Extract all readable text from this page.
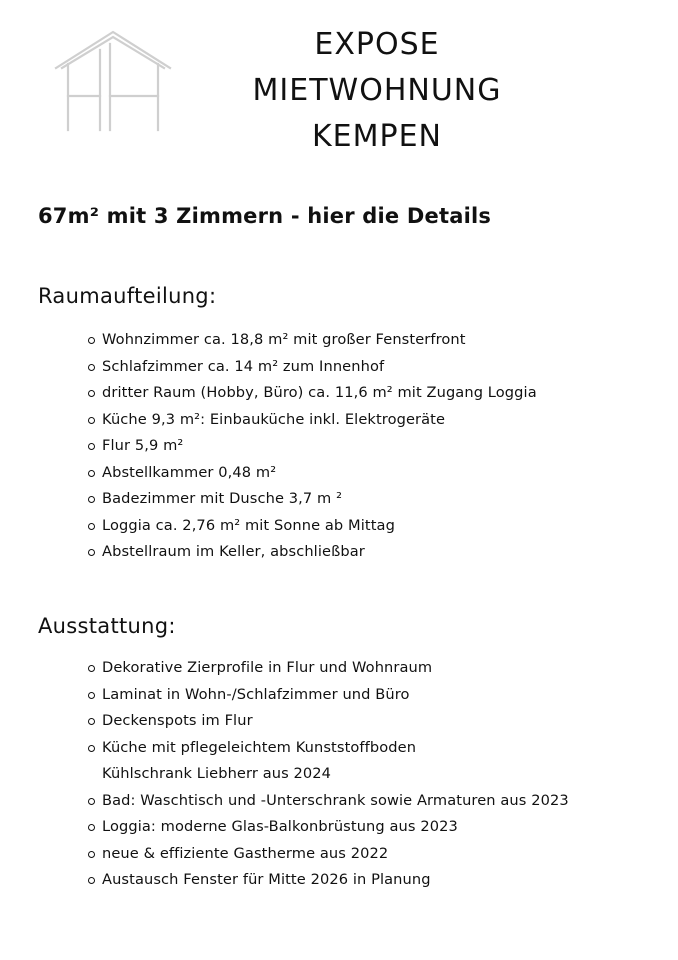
EXPOSE
MIETWOHNUNG
KEMPEN
67m² mit 3 Zimmern - hier die Details
Raumaufteilung:
Wohnzimmer ca. 18,8 m² mit großer Fensterfront
Schlafzimmer ca. 14 m² zum Innenhof
dritter Raum (Hobby, Büro) ca. 11,6 m² mit Zugang Loggia
Küche 9,3 m²: Einbauküche inkl. Elektrogeräte
Flur 5,9 m²
Abstellkammer 0,48 m²
Badezimmer mit Dusche 3,7 m ²
Loggia ca. 2,76 m² mit Sonne ab Mittag
Abstellraum im Keller, abschließbar
Ausstattung:
Dekorative Zierprofile in Flur und Wohnraum
Laminat in Wohn-/Schlafzimmer und Büro
Deckenspots im Flur
Küche mit pflegeleichtem Kunststoffboden
Kühlschrank Liebherr aus 2024
Bad: Waschtisch und -Unterschrank sowie Armaturen aus 2023
Loggia: moderne Glas-Balkonbrüstung aus 2023
neue & effiziente Gastherme aus 2022
Austausch Fenster für Mitte 2026 in Planung
